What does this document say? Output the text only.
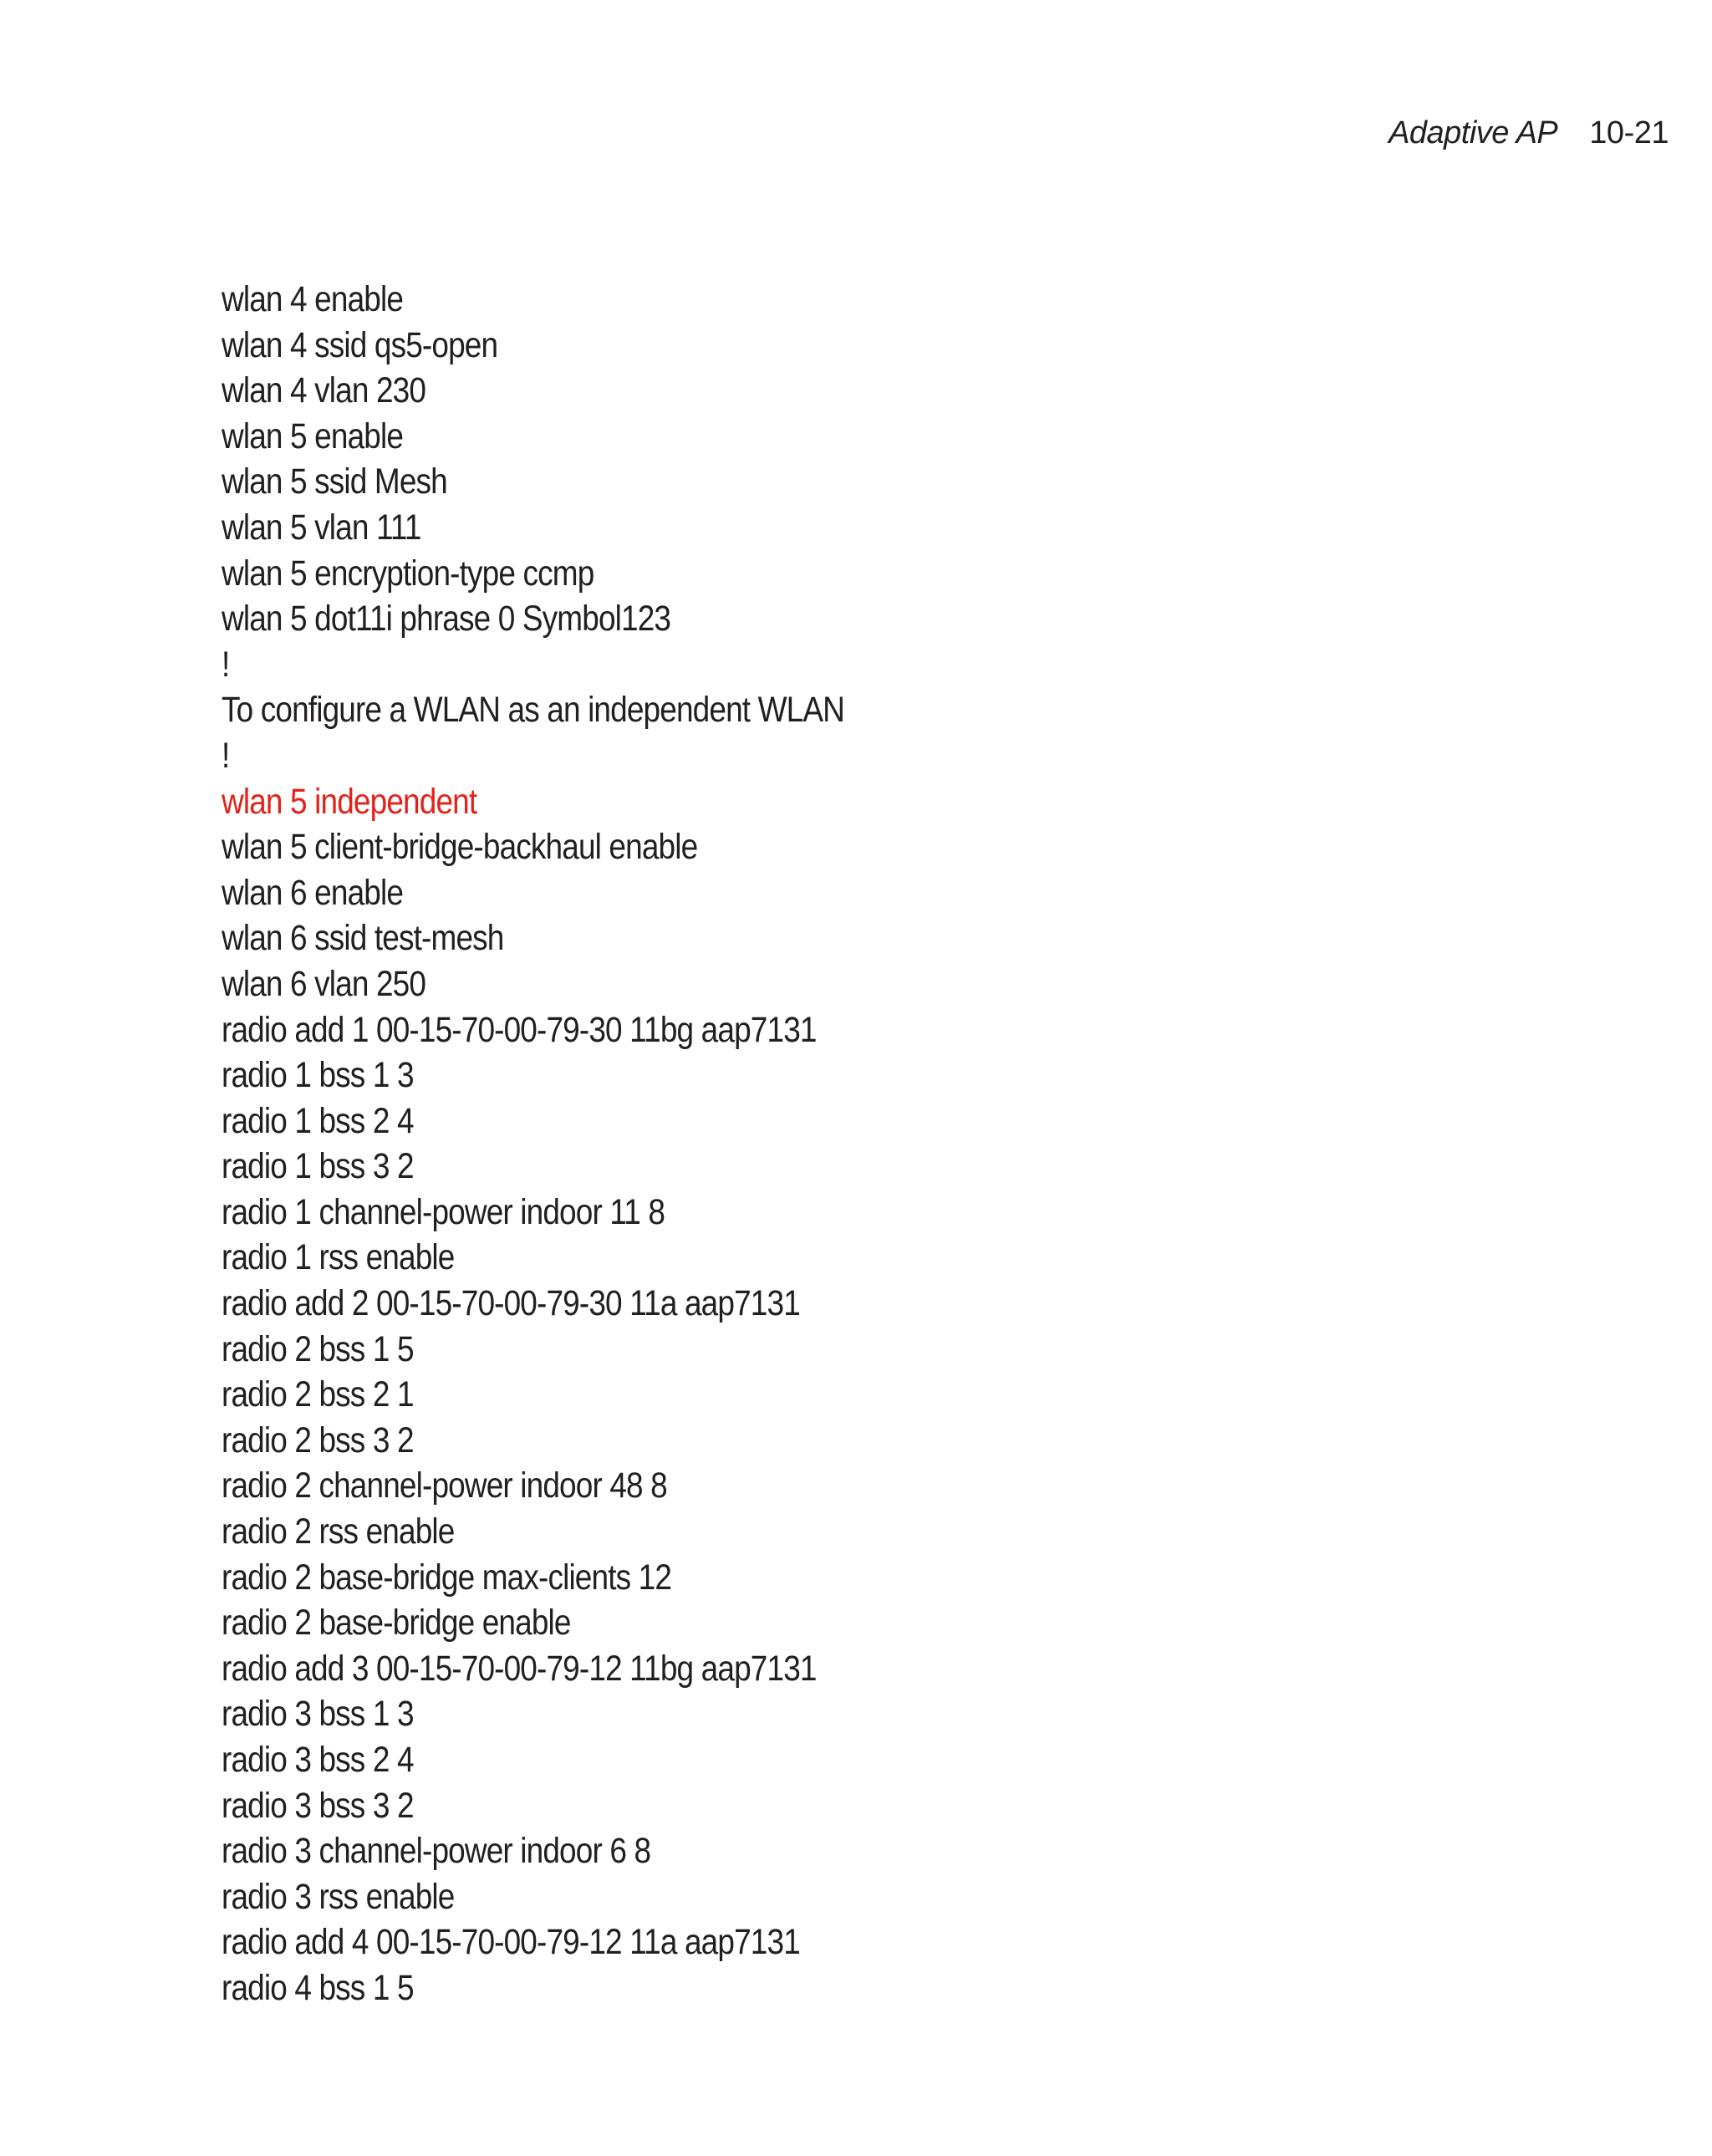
Adaptive AP 10-21
wlan 4 enable
wlan 4 ssid qs5-open
wlan 4 vlan 230
wlan 5 enable
wlan 5 ssid Mesh
wlan 5 vlan 111
wlan 5 encryption-type ccmp
wlan 5 dot11i phrase 0 Symbol123
!
To configure a WLAN as an independent WLAN
!
wlan 5 independent
wlan 5 client-bridge-backhaul enable
wlan 6 enable
wlan 6 ssid test-mesh
wlan 6 vlan 250
radio add 1 00-15-70-00-79-30 11bg aap7131
radio 1 bss 1 3
radio 1 bss 2 4
radio 1 bss 3 2
radio 1 channel-power indoor 11 8
radio 1 rss enable
radio add 2 00-15-70-00-79-30 11a aap7131
radio 2 bss 1 5
radio 2 bss 2 1
radio 2 bss 3 2
radio 2 channel-power indoor 48 8
radio 2 rss enable
radio 2 base-bridge max-clients 12
radio 2 base-bridge enable
radio add 3 00-15-70-00-79-12 11bg aap7131
radio 3 bss 1 3
radio 3 bss 2 4
radio 3 bss 3 2
radio 3 channel-power indoor 6 8
radio 3 rss enable
radio add 4 00-15-70-00-79-12 11a aap7131
radio 4 bss 1 5
